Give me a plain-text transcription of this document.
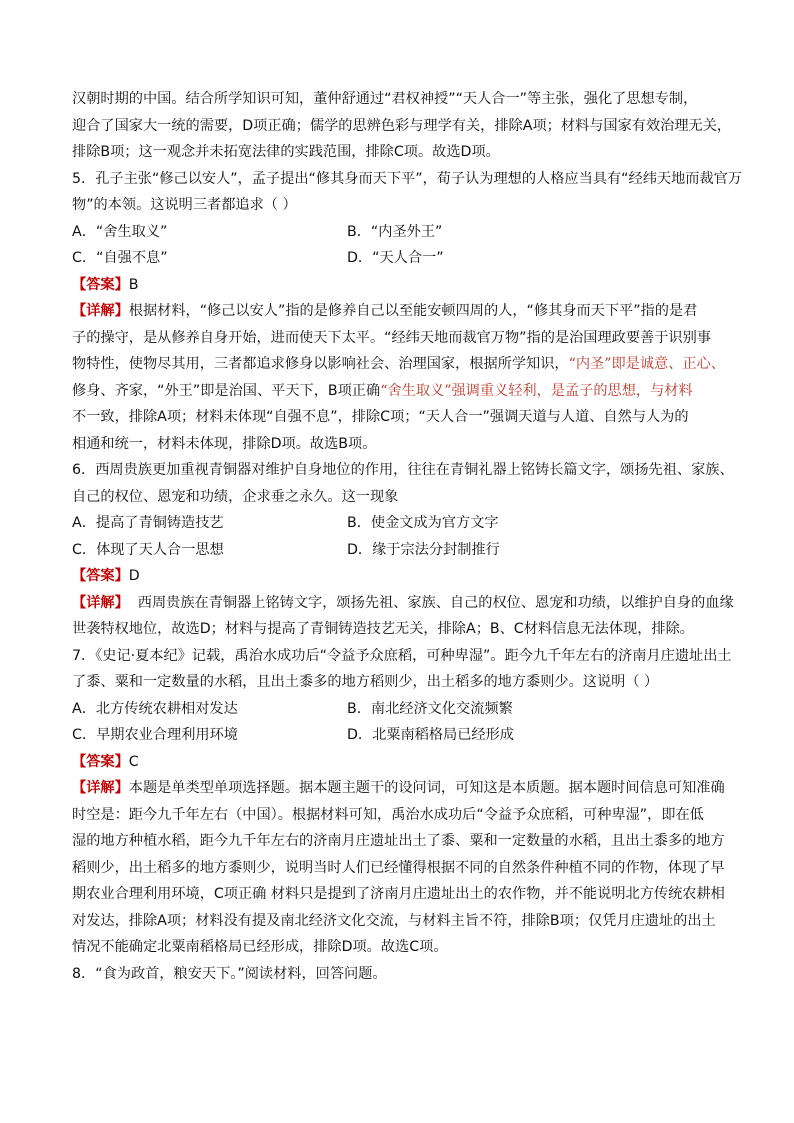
汉朝时期的中国。结合所学知识可知，董仲舒通过“君权神授”“天人合一”等主张，强化了思想专制，
迎合了国家大一统的需要，D项正确；儒学的思辨色彩与理学有关，排除A项；材料与国家有效治理无关，
排除B项；这一观念并未拓宽法律的实践范围，排除C项。故选D项。
5．孔子主张“修己以安人”，孟子提出“修其身而天下平”，荀子认为理想的人格应当具有“经纬天地而裁官万
物”的本领。这说明三者都追求（ ）
A．“舍生取义”	B．“内圣外王”
C．“自强不息”	D．“天人合一”
【答案】B
【详解】根据材料，“修己以安人”指的是修养自己以至能安顿四周的人，“修其身而天下平”指的是君
子的操守，是从修养自身开始，进而使天下太平。“经纬天地而裁官万物”指的是治国理政要善于识别事
物特性，使物尽其用，三者都追求修身以影响社会、治理国家，根据所学知识，“内圣”即是诚意、正心、
修身、齐家，“外王”即是治国、平天下，B项正确“舍生取义”强调重义轻利，是孟子的思想，与材料
不一致，排除A项；材料未体现“自强不息”，排除C项；“天人合一”强调天道与人道、自然与人为的
相通和统一，材料未体现，排除D项。故选B项。
6．西周贵族更加重视青铜器对维护自身地位的作用，往往在青铜礼器上铭铸长篇文字，颂扬先祖、家族、
自己的权位、恩宠和功绩，企求垂之永久。这一现象
A．提高了青铜铸造技艺	B．使金文成为官方文字
C．体现了天人合一思想	D．缘于宗法分封制推行
【答案】D
【详解】  西周贵族在青铜器上铭铸文字，颂扬先祖、家族、自己的权位、恩宠和功绩，以维护自身的血缘
世袭特权地位，故选D；材料与提高了青铜铸造技艺无关，排除A；B、C材料信息无法体现，排除。
7．《史记·夏本纪》记载，禹治水成功后“令益予众庶稻，可种卑湿”。距今九千年左右的济南月庄遗址出土
了黍、粟和一定数量的水稻，且出土黍多的地方稻则少，出土稻多的地方黍则少。这说明（ ）
A．北方传统农耕相对发达	B．南北经济文化交流频繁
C．早期农业合理利用环境	D．北粟南稻格局已经形成
【答案】C
【详解】本题是单类型单项选择题。据本题主题干的设问词，可知这是本质题。据本题时间信息可知准确
时空是：距今九千年左右（中国）。根据材料可知，禹治水成功后“令益予众庶稻，可种卑湿”，即在低
湿的地方种植水稻，距今九千年左右的济南月庄遗址出土了黍、粟和一定数量的水稻，且出土黍多的地方
稻则少，出土稻多的地方黍则少，说明当时人们已经懂得根据不同的自然条件种植不同的作物，体现了早
期农业合理利用环境，C项正确 材料只是提到了济南月庄遗址出土的农作物，并不能说明北方传统农耕相
对发达，排除A项；材料没有提及南北经济文化交流，与材料主旨不符，排除B项；仅凭月庄遗址的出土
情况不能确定北粟南稻格局已经形成，排除D项。故选C项。
8．“食为政首，粮安天下。”阅读材料，回答问题。
